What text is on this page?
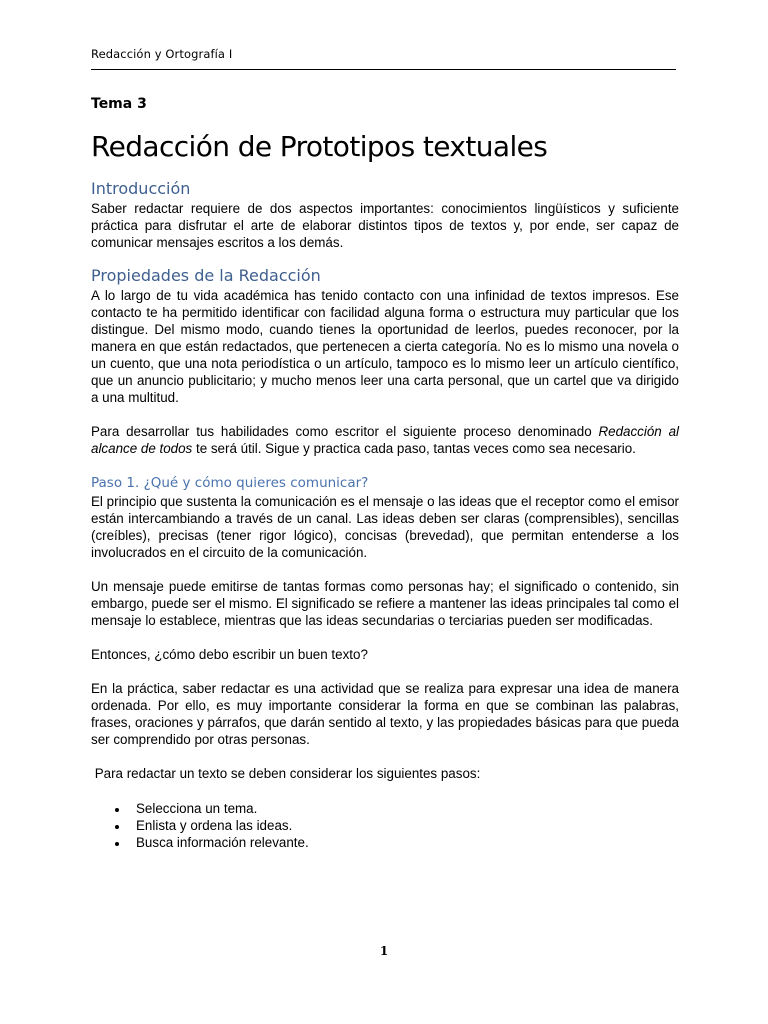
Redacción y Ortografía I
Tema 3
Redacción de Prototipos textuales
Introducción

Saber redactar requiere de dos aspectos importantes: conocimientos lingüísticos y suficiente práctica para disfrutar el arte de elaborar distintos tipos de textos y, por ende, ser capaz de comunicar mensajes escritos a los demás.

Propiedades de la Redacción

A lo largo de tu vida académica has tenido contacto con una infinidad de textos impresos. Ese contacto te ha permitido identificar con facilidad alguna forma o estructura muy particular que los distingue. Del mismo modo, cuando tienes la oportunidad de leerlos, puedes reconocer, por la manera en que están redactados, que pertenecen a cierta categoría. No es lo mismo una novela o un cuento, que una nota periodística o un artículo, tampoco es lo mismo leer un artículo científico, que un anuncio publicitario; y mucho menos leer una carta personal, que un cartel que va dirigido a una multitud.

Para desarrollar tus habilidades como escritor el siguiente proceso denominado Redacción al alcance de todos te será útil. Sigue y practica cada paso, tantas veces como sea necesario.

Paso 1. ¿Qué y cómo quieres comunicar?

El principio que sustenta la comunicación es el mensaje o las ideas que el receptor como el emisor están intercambiando a través de un canal. Las ideas deben ser claras (comprensibles), sencillas (creíbles), precisas (tener rigor lógico), concisas (brevedad), que permitan entenderse a los involucrados en el circuito de la comunicación.

Un mensaje puede emitirse de tantas formas como personas hay; el significado o contenido, sin embargo, puede ser el mismo. El significado se refiere a mantener las ideas principales tal como el mensaje lo establece, mientras que las ideas secundarias o terciarias pueden ser modificadas.

Entonces, ¿cómo debo escribir un buen texto?

En la práctica, saber redactar es una actividad que se realiza para expresar una idea de manera ordenada. Por ello, es muy importante considerar la forma en que se combinan las palabras, frases, oraciones y párrafos, que darán sentido al texto, y las propiedades básicas para que pueda ser comprendido por otras personas.

Para redactar un texto se deben considerar los siguientes pasos:

Selecciona un tema.
Enlista y ordena las ideas.
Busca información relevante.
1
